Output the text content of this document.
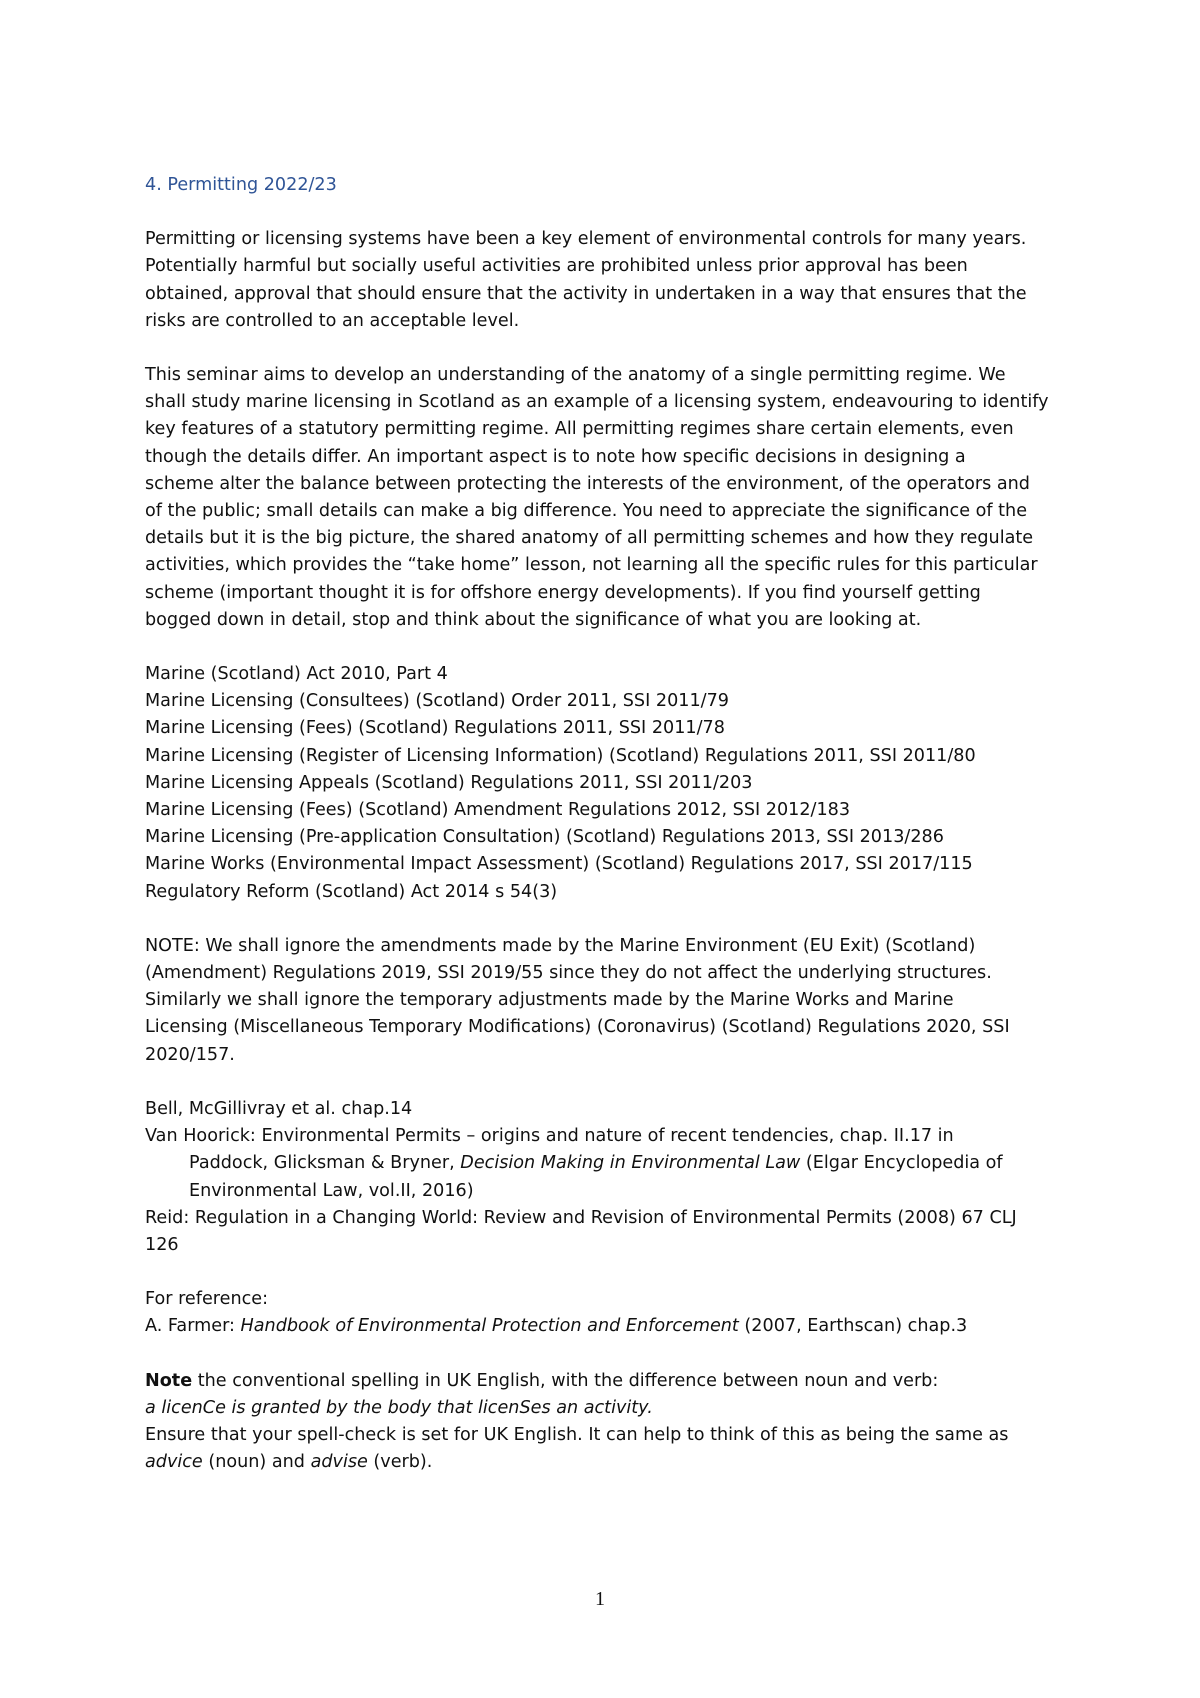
4. Permitting 2022/23

Permitting or licensing systems have been a key element of environmental controls for many years.
Potentially harmful but socially useful activities are prohibited unless prior approval has been
obtained, approval that should ensure that the activity in undertaken in a way that ensures that the
risks are controlled to an acceptable level.

This seminar aims to develop an understanding of the anatomy of a single permitting regime. We
shall study marine licensing in Scotland as an example of a licensing system, endeavouring to identify
key features of a statutory permitting regime. All permitting regimes share certain elements, even
though the details differ. An important aspect is to note how specific decisions in designing a
scheme alter the balance between protecting the interests of the environment, of the operators and
of the public; small details can make a big difference. You need to appreciate the significance of the
details but it is the big picture, the shared anatomy of all permitting schemes and how they regulate
activities, which provides the “take home” lesson, not learning all the specific rules for this particular
scheme (important thought it is for offshore energy developments). If you find yourself getting
bogged down in detail, stop and think about the significance of what you are looking at.

Marine (Scotland) Act 2010, Part 4
Marine Licensing (Consultees) (Scotland) Order 2011, SSI 2011/79
Marine Licensing (Fees) (Scotland) Regulations 2011, SSI 2011/78
Marine Licensing (Register of Licensing Information) (Scotland) Regulations 2011, SSI 2011/80
Marine Licensing Appeals (Scotland) Regulations 2011, SSI 2011/203
Marine Licensing (Fees) (Scotland) Amendment Regulations 2012, SSI 2012/183
Marine Licensing (Pre-application Consultation) (Scotland) Regulations 2013, SSI 2013/286
Marine Works (Environmental Impact Assessment) (Scotland) Regulations 2017, SSI 2017/115
Regulatory Reform (Scotland) Act 2014 s 54(3)

NOTE: We shall ignore the amendments made by the Marine Environment (EU Exit) (Scotland)
(Amendment) Regulations 2019, SSI 2019/55 since they do not affect the underlying structures.
Similarly we shall ignore the temporary adjustments made by the Marine Works and Marine
Licensing (Miscellaneous Temporary Modifications) (Coronavirus) (Scotland) Regulations 2020, SSI
2020/157.

Bell, McGillivray et al. chap.14
Van Hoorick: Environmental Permits – origins and nature of recent tendencies, chap. II.17 in
Paddock, Glicksman & Bryner, Decision Making in Environmental Law (Elgar Encyclopedia of
Environmental Law, vol.II, 2016)
Reid: Regulation in a Changing World: Review and Revision of Environmental Permits (2008) 67 CLJ
126

For reference:
A. Farmer: Handbook of Environmental Protection and Enforcement (2007, Earthscan) chap.3

Note the conventional spelling in UK English, with the difference between noun and verb:
a licenCe is granted by the body that licenSes an activity.
Ensure that your spell-check is set for UK English. It can help to think of this as being the same as
advice (noun) and advise (verb).

1
